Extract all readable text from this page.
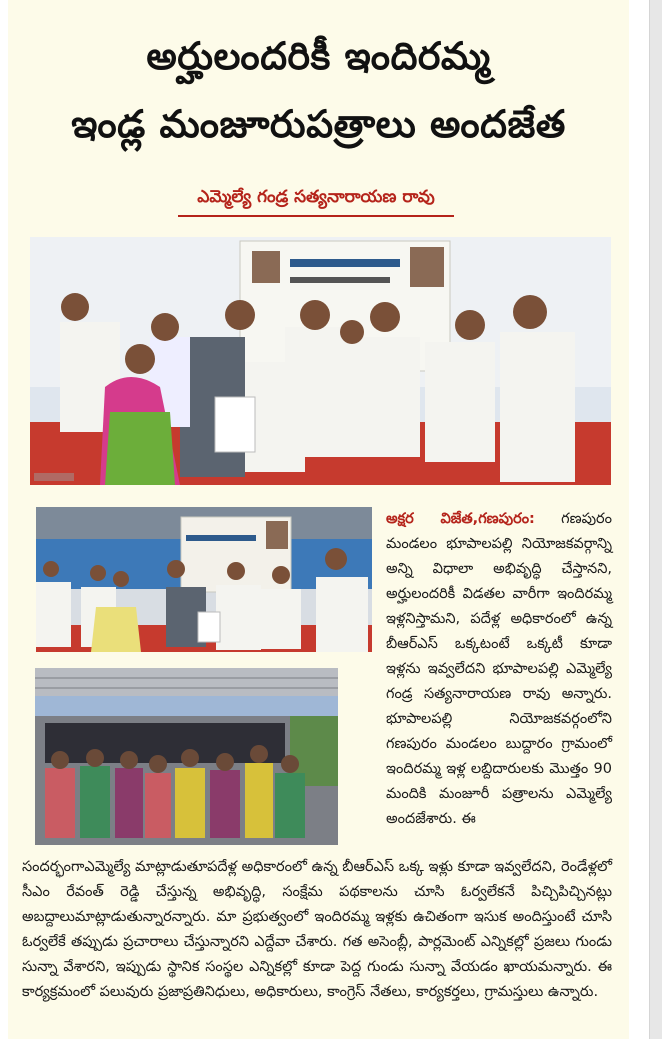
అర్హులందరికీ ఇందిరమ్మ
ఇండ్ల మంజూరుపత్రాలు అందజేత
ఎమ్మెల్యే గండ్ర సత్యనారాయణ రావు
అక్షర విజేత,గణపురం: గణపురం మండలం భూపాలపల్లి నియోజకవర్గాన్ని అన్ని విధాలా అభివృద్ధి చేస్తానని, అర్హులందరికీ విడతల వారీగా ఇందిరమ్మ ఇళ్లనిస్తామని, పదేళ్ల అధికారంలో ఉన్న బీఆర్ఎస్ ఒక్కటంటే ఒక్కటీ కూడా ఇళ్లను ఇవ్వలేదని భూపాలపల్లి ఎమ్మెల్యే గండ్ర సత్యనారాయణ రావు అన్నారు. భూపాలపల్లి నియోజకవర్గంలోని గణపురం మండలం బుద్దారం గ్రామంలో ఇందిరమ్మ ఇళ్ల లబ్దిదారులకు మొత్తం 90 మందికి మంజూరీ పత్రాలను ఎమ్మెల్యే అందజేశారు. ఈ
సందర్భంగాఎమ్మెల్యే మాట్లాడుతూపదేళ్ల అధికారంలో ఉన్న బీఆర్ఎస్ ఒక్క ఇళ్లు కూడా ఇవ్వలేదని, రెండేళ్లలో సీఎం రేవంత్ రెడ్డి చేస్తున్న అభివృద్ధి, సంక్షేమ పథకాలను చూసి ఓర్వలేకనే పిచ్చిపిచ్చినట్లు అబద్దాలుమాట్లాడుతున్నారన్నారు. మా ప్రభుత్వంలో ఇందిరమ్మ ఇళ్లకు ఉచితంగా ఇసుక అందిస్తుంటే చూసి ఓర్వలేకే తప్పుడు ప్రచారాలు చేస్తున్నారని ఎద్దేవా చేశారు. గత అసెంబ్లీ, పార్లమెంట్ ఎన్నికల్లో ప్రజలు గుండు సున్నా వేశారని, ఇప్పుడు స్థానిక సంస్థల ఎన్నికల్లో కూడా పెద్ద గుండు సున్నా వేయడం ఖాయమన్నారు. ఈ కార్యక్రమంలో పలువురు ప్రజాప్రతినిధులు, అధికారులు, కాంగ్రెస్ నేతలు, కార్యకర్తలు, గ్రామస్తులు ఉన్నారు.
